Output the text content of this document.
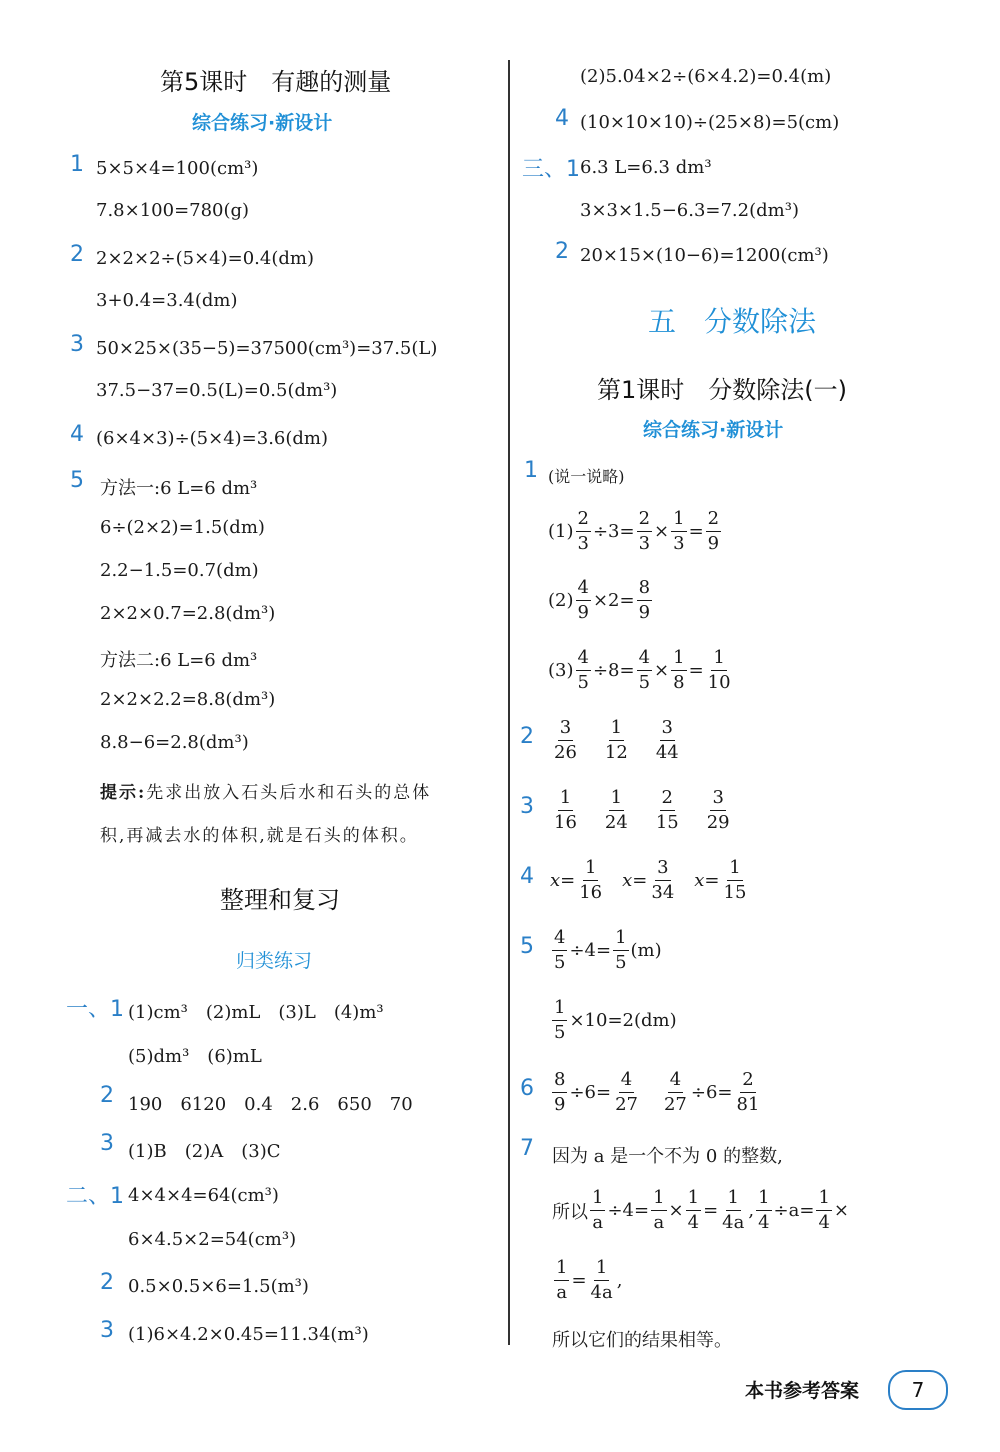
第5课时　有趣的测量
综合练习·新设计
1 5×5×4=100(cm³)
7.8×100=780(g)
2 2×2×2÷(5×4)=0.4(dm)
3+0.4=3.4(dm)
3 50×25×(35−5)=37500(cm³)=37.5(L)
37.5−37=0.5(L)=0.5(dm³)
4 (6×4×3)÷(5×4)=3.6(dm)
5 方法一:6 L=6 dm³
6÷(2×2)=1.5(dm)
2.2−1.5=0.7(dm)
2×2×0.7=2.8(dm³)
方法二:6 L=6 dm³
2×2×2.2=8.8(dm³)
8.8−6=2.8(dm³)
提示:先求出放入石头后水和石头的总体
积,再减去水的体积,就是石头的体积。
整理和复习
归类练习
一、1 (1)cm³　(2)mL　(3)L　(4)m³
(5)dm³　(6)mL
2 190　6120　0.4　2.6　650　70
3 (1)B　(2)A　(3)C
二、1 4×4×4=64(cm³)
6×4.5×2=54(cm³)
2 0.5×0.5×6=1.5(m³)
3 (1)6×4.2×0.45=11.34(m³)
(2)5.04×2÷(6×4.2)=0.4(m)
4 (10×10×10)÷(25×8)=5(cm)
三、1 6.3 L=6.3 dm³
3×3×1.5−6.3=7.2(dm³)
2 20×15×(10−6)=1200(cm³)
五　分数除法
第1课时　分数除法(一)
综合练习·新设计
1 (说一说略)
$(1) \frac{2}{3} \div 3= \frac{2}{3} \times \frac{1}{3} = \frac{2}{9}$
$(2) \frac{4}{9} \times 2= \frac{8}{9}$
$(3) \frac{4}{5} \div 8= \frac{4}{5} \times \frac{1}{8} = \frac{1}{10}$
$2 \frac{3}{26} \frac{1}{12} \frac{3}{44}$
$3 \frac{1}{16} \frac{1}{24} \frac{2}{15} \frac{3}{29}$
4 $x= \frac{1}{16} x= \frac{3}{34} x= \frac{1}{15}$
$5 \frac{4}{5} \div 4= \frac{1}{5} (m)$
$\frac{1}{5} \times 10=2(dm)$
$6 \frac{8}{9} \div 6= \frac{4}{27} \frac{4}{27} \div 6= \frac{2}{81}$
7 因为 a 是一个不为 0 的整数,
所以 $\frac{1}{a} \div 4= \frac{1}{a} \times \frac{1}{4} = \frac{1}{4a}$ , $\frac{1}{4} \div a= \frac{1}{4}$ ×
$\frac{1}{a} = \frac{1}{4a}$ ,
所以它们的结果相等。
本书参考答案	7
